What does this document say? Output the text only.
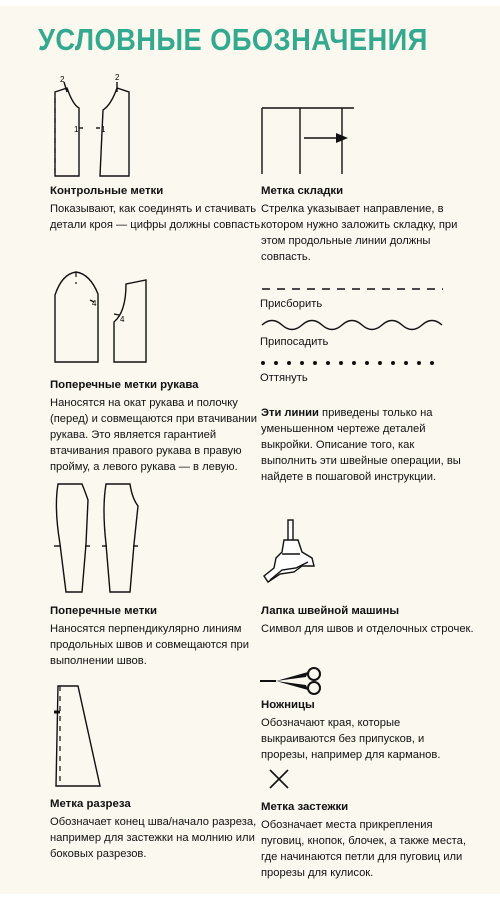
УСЛОВНЫЕ ОБОЗНАЧЕНИЯ
2	2
1	1
Контрольные метки

Показывают, как соединять и стачивать детали кроя — цифры должны совпасть.

4
4
Поперечные метки рукава

Наносятся на окат рукава и полочку (перед) и совмещаются при втачивании рукава. Это является гарантией втачивания правого рукава в правую пройму, а левого рукава — в левую.

Поперечные метки

Наносятся перпендикулярно линиям продольных швов и совмещаются при выполнении швов.

Метка разреза

Обозначает конец шва/начало разреза, например для застежки на молнию или боковых разрезов.

Метка складки

Стрелка указывает направление, в котором нужно заложить складку, при этом продольные линии должны совпасть.

Присборить
Припосадить
Оттянуть

Эти линии приведены только на уменьшенном чертеже деталей выкройки. Описание того, как выполнить эти швейные операции, вы найдете в пошаговой инструкции.

Лапка швейной машины

Символ для швов и отделочных строчек.

Ножницы

Обозначают края, которые выкраиваются без припусков, и прорезы, например для карманов.

Метка застежки

Обозначает места прикрепления пуговиц, кнопок, блочек, а также места, где начинаются петли для пуговиц или прорезы для кулисок.
